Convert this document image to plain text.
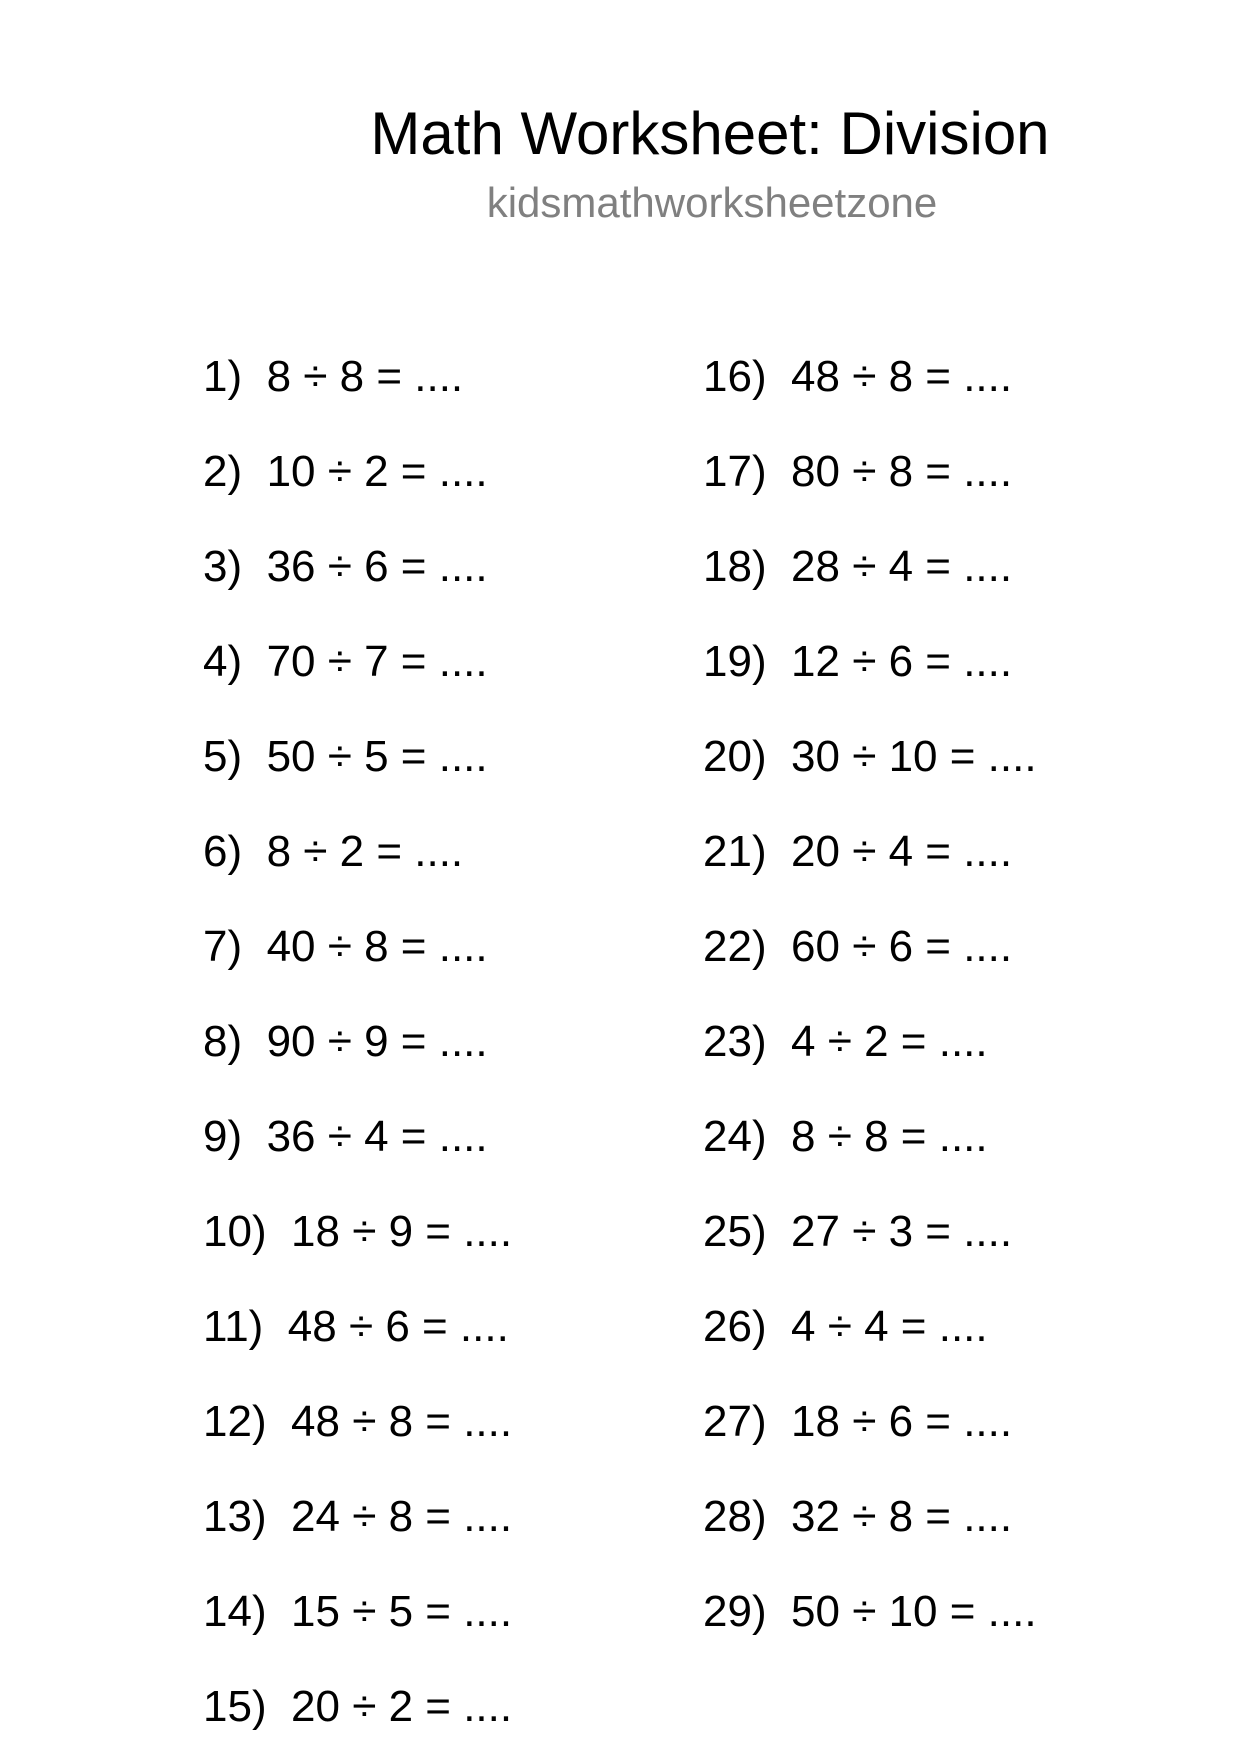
Math Worksheet: Division
kidsmathworksheetzone
1)  8 ÷ 8 = ....
2)  10 ÷ 2 = ....
3)  36 ÷ 6 = ....
4)  70 ÷ 7 = ....
5)  50 ÷ 5 = ....
6)  8 ÷ 2 = ....
7)  40 ÷ 8 = ....
8)  90 ÷ 9 = ....
9)  36 ÷ 4 = ....
10)  18 ÷ 9 = ....
11)  48 ÷ 6 = ....
12)  48 ÷ 8 = ....
13)  24 ÷ 8 = ....
14)  15 ÷ 5 = ....
15)  20 ÷ 2 = ....
16)  48 ÷ 8 = ....
17)  80 ÷ 8 = ....
18)  28 ÷ 4 = ....
19)  12 ÷ 6 = ....
20)  30 ÷ 10 = ....
21)  20 ÷ 4 = ....
22)  60 ÷ 6 = ....
23)  4 ÷ 2 = ....
24)  8 ÷ 8 = ....
25)  27 ÷ 3 = ....
26)  4 ÷ 4 = ....
27)  18 ÷ 6 = ....
28)  32 ÷ 8 = ....
29)  50 ÷ 10 = ....
